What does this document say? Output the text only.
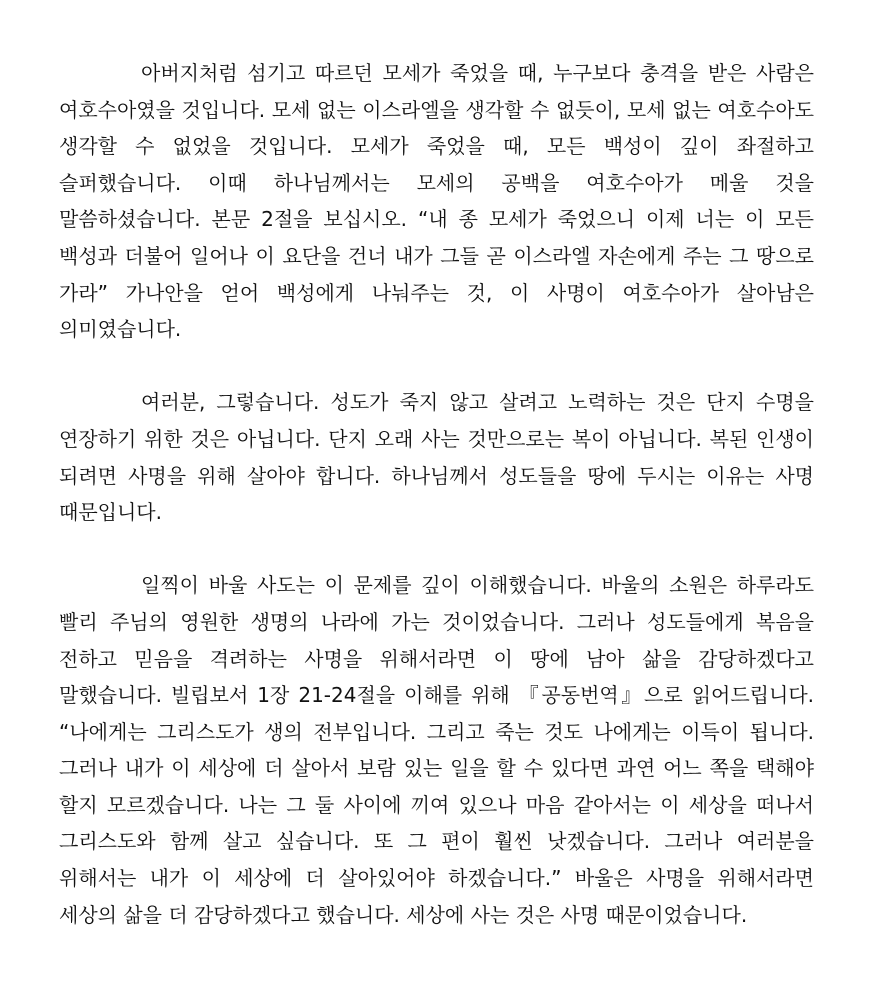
아버지처럼 섬기고 따르던 모세가 죽었을 때, 누구보다 충격을 받은 사람은 여호수아였을 것입니다. 모세 없는 이스라엘을 생각할 수 없듯이, 모세 없는 여호수아도 생각할 수 없었을 것입니다. 모세가 죽었을 때, 모든 백성이 깊이 좌절하고 슬퍼했습니다. 이때 하나님께서는 모세의 공백을 여호수아가 메울 것을 말씀하셨습니다. 본문 2절을 보십시오. “내 종 모세가 죽었으니 이제 너는 이 모든 백성과 더불어 일어나 이 요단을 건너 내가 그들 곧 이스라엘 자손에게 주는 그 땅으로 가라” 가나안을 얻어 백성에게 나눠주는 것, 이 사명이 여호수아가 살아남은 의미였습니다.

여러분, 그렇습니다. 성도가 죽지 않고 살려고 노력하는 것은 단지 수명을 연장하기 위한 것은 아닙니다. 단지 오래 사는 것만으로는 복이 아닙니다. 복된 인생이 되려면 사명을 위해 살아야 합니다. 하나님께서 성도들을 땅에 두시는 이유는 사명 때문입니다.

일찍이 바울 사도는 이 문제를 깊이 이해했습니다. 바울의 소원은 하루라도 빨리 주님의 영원한 생명의 나라에 가는 것이었습니다. 그러나 성도들에게 복음을 전하고 믿음을 격려하는 사명을 위해서라면 이 땅에 남아 삶을 감당하겠다고 말했습니다. 빌립보서 1장 21-24절을 이해를 위해 『공동번역』으로 읽어드립니다. “나에게는 그리스도가 생의 전부입니다. 그리고 죽는 것도 나에게는 이득이 됩니다. 그러나 내가 이 세상에 더 살아서 보람 있는 일을 할 수 있다면 과연 어느 쪽을 택해야 할지 모르겠습니다. 나는 그 둘 사이에 끼여 있으나 마음 같아서는 이 세상을 떠나서 그리스도와 함께 살고 싶습니다. 또 그 편이 훨씬 낫겠습니다. 그러나 여러분을 위해서는 내가 이 세상에 더 살아있어야 하겠습니다.” 바울은 사명을 위해서라면 세상의 삶을 더 감당하겠다고 했습니다. 세상에 사는 것은 사명 때문이었습니다.
